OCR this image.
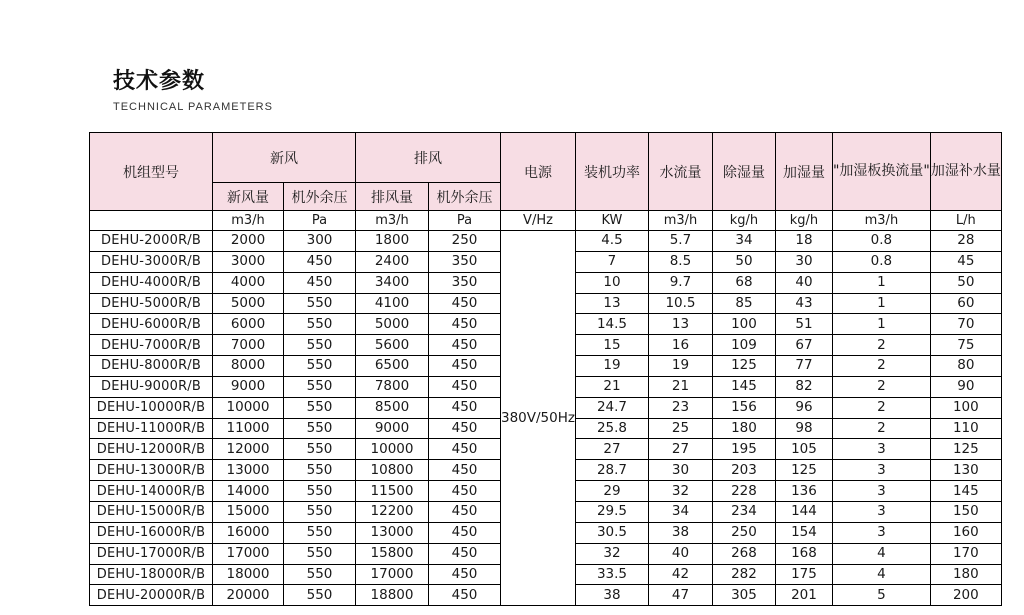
技术参数
TECHNICAL PARAMETERS
机组型号	新风		排风		电源	装机功率	水流量	除湿量	加湿量	"加湿板换流量"	加湿补水量
	新风量	机外余压	排风量	机外余压							
	m3/h	Pa	m3/h	Pa	V/Hz	KW	m3/h	kg/h	kg/h	m3/h	L/h
DEHU-2000R/B	2000	300	1800	250	380V/50Hz	4.5	5.7	34	18	0.8	28
DEHU-3000R/B	3000	450	2400	350		7	8.5	50	30	0.8	45
DEHU-4000R/B	4000	450	3400	350		10	9.7	68	40	1	50
DEHU-5000R/B	5000	550	4100	450		13	10.5	85	43	1	60
DEHU-6000R/B	6000	550	5000	450		14.5	13	100	51	1	70
DEHU-7000R/B	7000	550	5600	450		15	16	109	67	2	75
DEHU-8000R/B	8000	550	6500	450		19	19	125	77	2	80
DEHU-9000R/B	9000	550	7800	450		21	21	145	82	2	90
DEHU-10000R/B	10000	550	8500	450		24.7	23	156	96	2	100
DEHU-11000R/B	11000	550	9000	450		25.8	25	180	98	2	110
DEHU-12000R/B	12000	550	10000	450		27	27	195	105	3	125
DEHU-13000R/B	13000	550	10800	450		28.7	30	203	125	3	130
DEHU-14000R/B	14000	550	11500	450		29	32	228	136	3	145
DEHU-15000R/B	15000	550	12200	450		29.5	34	234	144	3	150
DEHU-16000R/B	16000	550	13000	450		30.5	38	250	154	3	160
DEHU-17000R/B	17000	550	15800	450		32	40	268	168	4	170
DEHU-18000R/B	18000	550	17000	450		33.5	42	282	175	4	180
DEHU-20000R/B	20000	550	18800	450		38	47	305	201	5	200
